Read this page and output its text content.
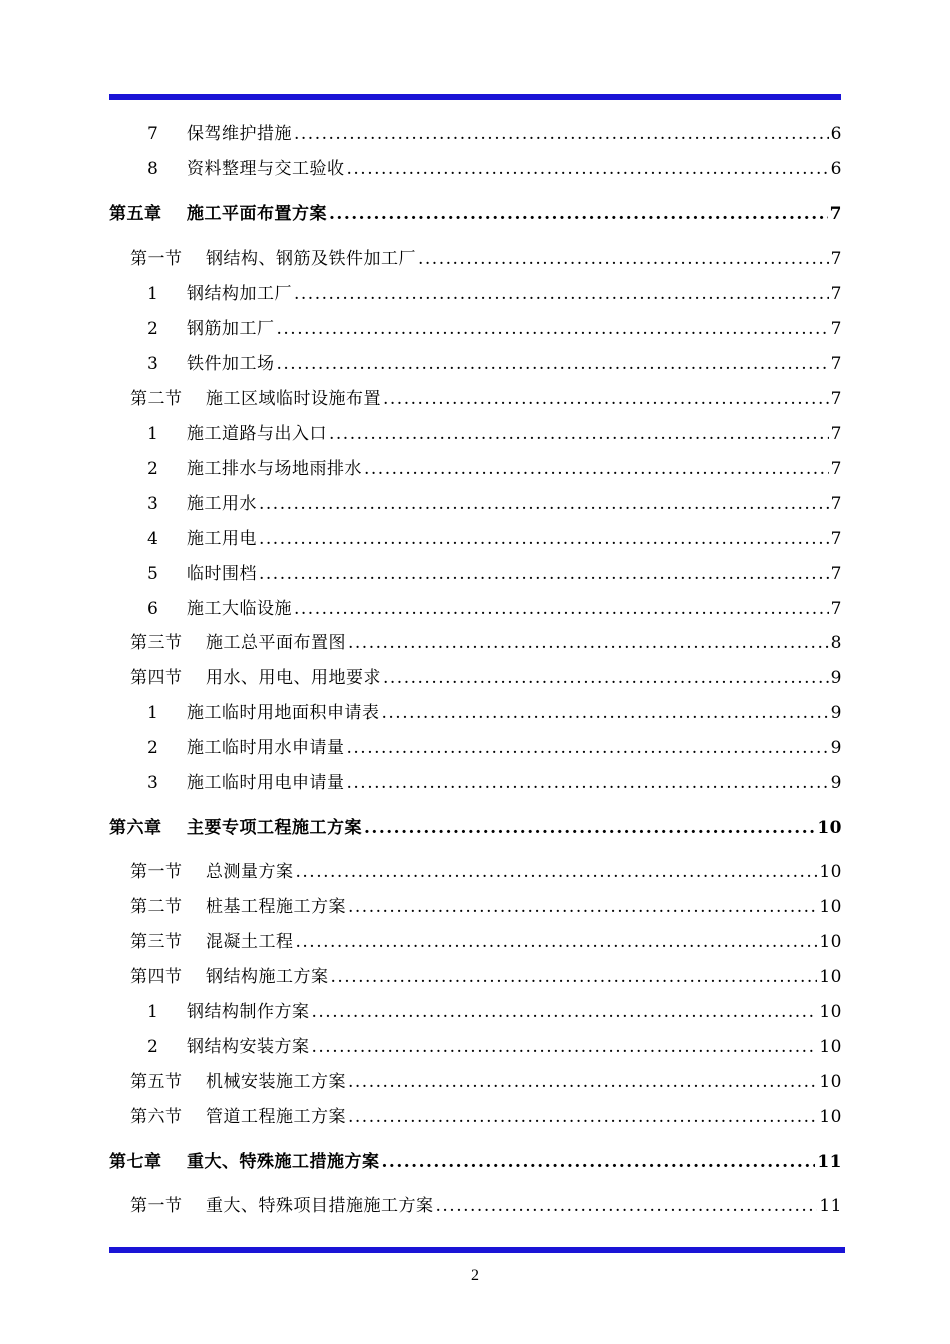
7	保驾维护措施 .....	6
8	资料整理与交工验收 .....	6
第五章	施工平面布置方案 .....	7
第一节	钢结构、钢筋及铁件加工厂 .....	7
1	钢结构加工厂 .....	7
2	钢筋加工厂 .....	7
3	铁件加工场 .....	7
第二节	施工区域临时设施布置 .....	7
1	施工道路与出入口 .....	7
2	施工排水与场地雨排水 .....	7
3	施工用水 .....	7
4	施工用电 .....	7
5	临时围档 .....	7
6	施工大临设施 .....	7
第三节	施工总平面布置图 .....	8
第四节	用水、用电、用地要求 .....	9
1	施工临时用地面积申请表 .....	9
2	施工临时用水申请量 .....	9
3	施工临时用电申请量 .....	9
第六章	主要专项工程施工方案 .....	10
第一节	总测量方案 .....	10
第二节	桩基工程施工方案 .....	10
第三节	混凝土工程 .....	10
第四节	钢结构施工方案 .....	10
1	钢结构制作方案 .....	10
2	钢结构安装方案 .....	10
第五节	机械安装施工方案 .....	10
第六节	管道工程施工方案 .....	10
第七章	重大、特殊施工措施方案 .....	11
第一节	重大、特殊项目措施施工方案 .....	11
2
